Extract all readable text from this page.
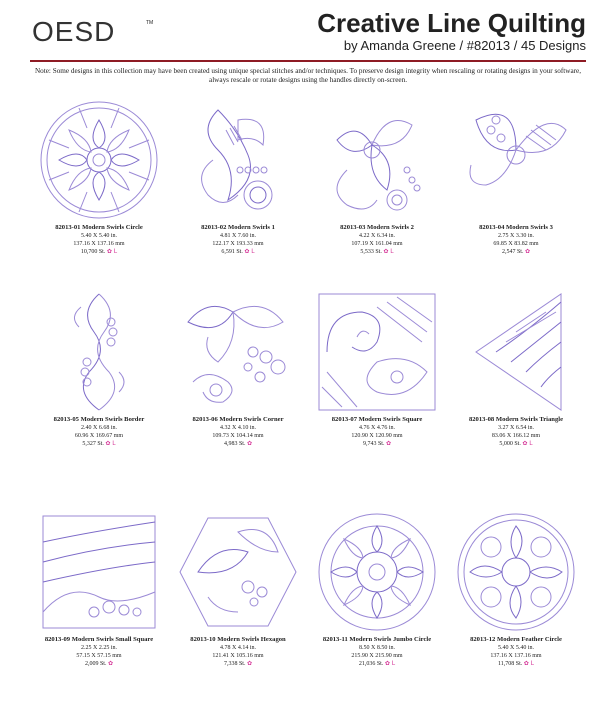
OESD	TM	Creative Line Quilting
by Amanda Greene / #82013 / 45 Designs
Note: Some designs in this collection may have been created using unique special stitches and/or techniques. To preserve design integrity when rescaling or rotating designs in your software, always rescale or rotate designs using the handles directly on-screen.
82013-01 Modern Swirls Circle
5.40 X 5.40 in.
137.16 X 137.16 mm
10,700 St. ✿ L
82013-02 Modern Swirls 1
4.81 X 7.60 in.
122.17 X 193.33 mm
6,591 St. ✿ L
82013-03 Modern Swirls 2
4.22 X 6.34 in.
107.19 X 161.04 mm
5,533 St. ✿ L
82013-04 Modern Swirls 3
2.75 X 3.30 in.
69.85 X 83.82 mm
2,547 St. ✿
82013-05 Modern Swirls Border
2.40 X 6.68 in.
60.96 X 169.67 mm
5,327 St. ✿ L
82013-06 Modern Swirls Corner
4.32 X 4.10 in.
109.73 X 104.14 mm
4,983 St. ✿
82013-07 Modern Swirls Square
4.76 X 4.76 in.
120.90 X 120.90 mm
9,743 St. ✿
82013-08 Modern Swirls Triangle
3.27 X 6.54 in.
83.06 X 166.12 mm
5,000 St. ✿ L
82013-09 Modern Swirls Small Square
2.25 X 2.25 in.
57.15 X 57.15 mm
2,009 St. ✿
82013-10 Modern Swirls Hexagon
4.78 X 4.14 in.
121.41 X 105.16 mm
7,338 St. ✿
82013-11 Modern Swirls Jumbo Circle
8.50 X 8.50 in.
215.90 X 215.90 mm
21,036 St. ✿ L
82013-12 Modern Feather Circle
5.40 X 5.40 in.
137.16 X 137.16 mm
11,708 St. ✿ L
